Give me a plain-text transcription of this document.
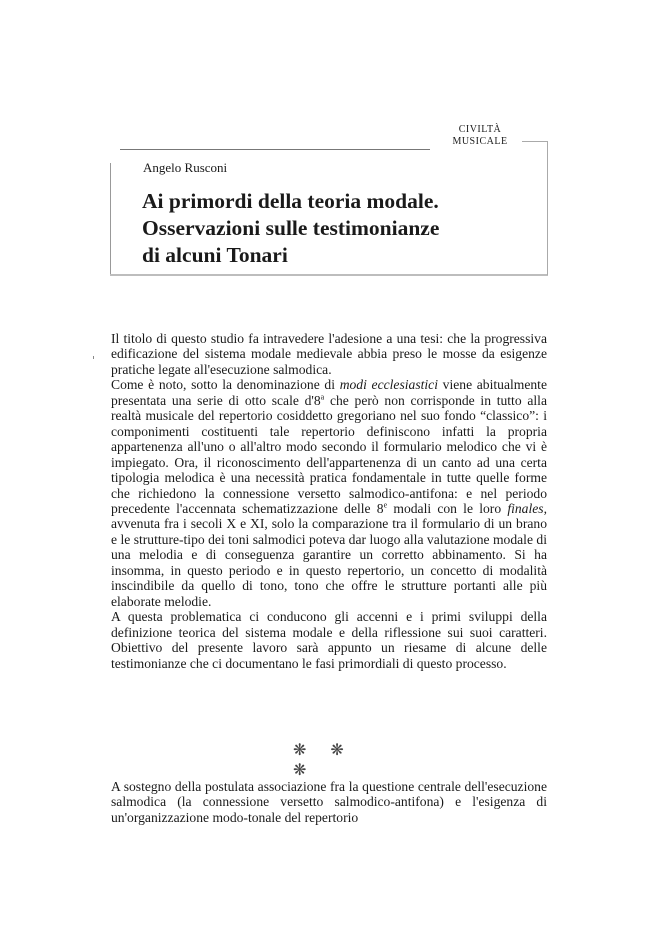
CIVILTÀ
MUSICALE
Angelo Rusconi
Ai primordi della teoria modale.
Osservazioni sulle testimonianze
di alcuni Tonari

Il titolo di questo studio fa intravedere l'adesione a una tesi: che la progressiva edificazione del sistema modale medievale abbia preso le mosse da esigenze pratiche legate all'esecuzione salmodica.

Come è noto, sotto la denominazione di modi ecclesiastici viene abitualmente presentata una serie di otto scale d'8$^a$ che però non corrisponde in tutto alla realtà musicale del repertorio cosiddetto gregoriano nel suo fondo “classico”: i componimenti costituenti tale repertorio definiscono infatti la propria appartenenza all'uno o all'altro modo secondo il formulario melodico che vi è impiegato. Ora, il riconoscimento dell'appartenenza di un canto ad una certa tipologia melodica è una necessità pratica fondamentale in tutte quelle forme che richiedono la connessione versetto salmodico-antifona: e nel periodo precedente l'accennata schematizzazione delle 8e modali con le loro finales, avvenuta fra i secoli X e XI, solo la comparazione tra il formulario di un brano e le strutture-tipo dei toni salmodici poteva dar luogo alla valutazione modale di una melodia e di conseguenza garantire un corretto abbinamento. Si ha insomma, in questo periodo e in questo repertorio, un concetto di modalità inscindibile da quello di tono, tono che offre le strutture portanti alle più elaborate melodie.

A questa problematica ci conducono gli accenni e i primi sviluppi della definizione teorica del sistema modale e della riflessione sui suoi caratteri. Obiettivo del presente lavoro sarà appunto un riesame di alcune delle testimonianze che ci documentano le fasi primordiali di questo processo.

❋ ❋ ❋
A sostegno della postulata associazione fra la questione centrale dell'esecuzione salmodica (la connessione versetto salmodico-antifona) e l'esigenza di un'organizzazione modo-tonale del repertorio
